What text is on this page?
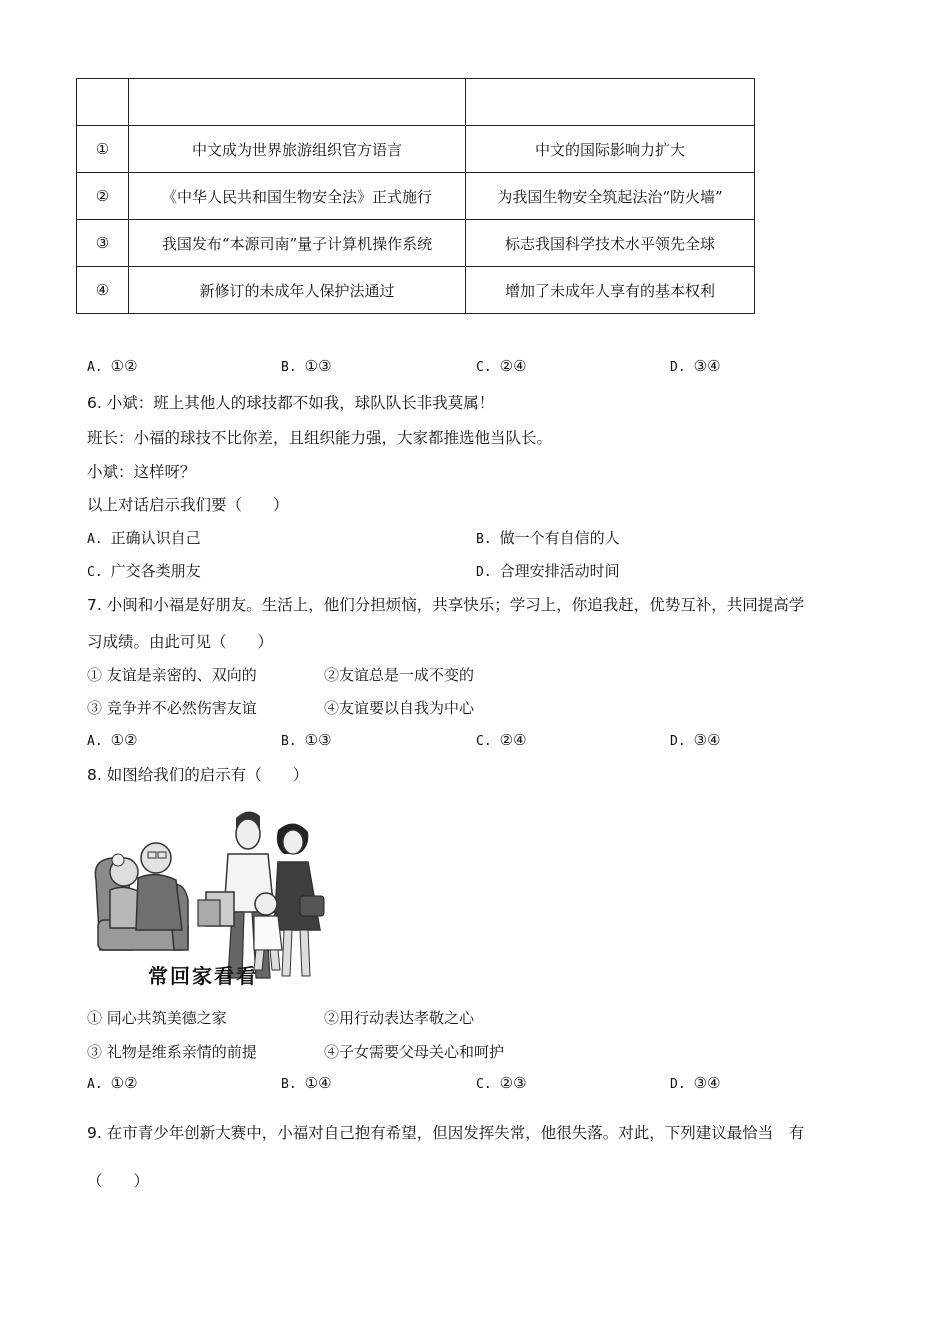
①	中文成为世界旅游组织官方语言	中文的国际影响力扩大
②	《中华人民共和国生物安全法》正式施行	为我国生物安全筑起法治“防火墙”
③	我国发布“本源司南”量子计算机操作系统	标志我国科学技术水平领先全球
④	新修订的未成年人保护法通过	增加了未成年人享有的基本权利
A. ①②	B. ①③	C. ②④	D. ③④
6. 小斌：班上其他人的球技都不如我，球队队长非我莫属！
班长：小福的球技不比你差，且组织能力强，大家都推选他当队长。
小斌：这样呀？
以上对话启示我们要（　　）
A. 正确认识自己	B. 做一个有自信的人
C. 广交各类朋友	D. 合理安排活动时间
7. 小闽和小福是好朋友。生活上，他们分担烦恼，共享快乐；学习上，你追我赶，优势互补，共同提高学
习成绩。由此可见（　　）
① 友谊是亲密的、双向的	②友谊总是一成不变的
③ 竞争并不必然伤害友谊	④友谊要以自我为中心
A. ①②	B. ①③	C. ②④	D. ③④
8. 如图给我们的启示有（　　）
常回家看看
① 同心共筑美德之家	②用行动表达孝敬之心
③ 礼物是维系亲情的前提	④子女需要父母关心和呵护
A. ①②	B. ①④	C. ②③	D. ③④
9. 在市青少年创新大赛中，小福对自己抱有希望，但因发挥失常，他很失落。对此，下列建议最恰当　有
（　　）
